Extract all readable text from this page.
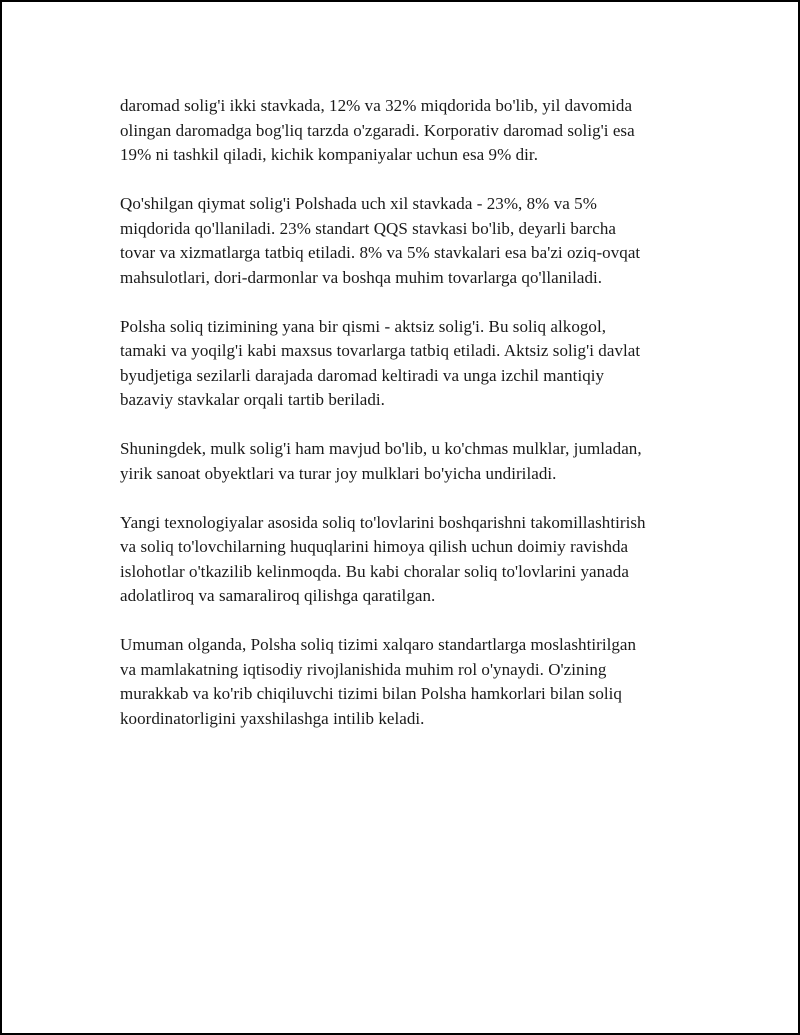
daromad solig'i ikki stavkada, 12% va 32% miqdorida bo'lib, yil davomida
olingan daromadga bog'liq tarzda o'zgaradi. Korporativ daromad solig'i esa
19% ni tashkil qiladi, kichik kompaniyalar uchun esa 9% dir.

Qo'shilgan qiymat solig'i Polshada uch xil stavkada - 23%, 8% va 5%
miqdorida qo'llaniladi. 23% standart QQS stavkasi bo'lib, deyarli barcha
tovar va xizmatlarga tatbiq etiladi. 8% va 5% stavkalari esa ba'zi oziq-ovqat
mahsulotlari, dori-darmonlar va boshqa muhim tovarlarga qo'llaniladi.

Polsha soliq tizimining yana bir qismi - aktsiz solig'i. Bu soliq alkogol,
tamaki va yoqilg'i kabi maxsus tovarlarga tatbiq etiladi. Aktsiz solig'i davlat
byudjetiga sezilarli darajada daromad keltiradi va unga izchil mantiqiy
bazaviy stavkalar orqali tartib beriladi.

Shuningdek, mulk solig'i ham mavjud bo'lib, u ko'chmas mulklar, jumladan,
yirik sanoat obyektlari va turar joy mulklari bo'yicha undiriladi.

Yangi texnologiyalar asosida soliq to'lovlarini boshqarishni takomillashtirish
va soliq to'lovchilarning huquqlarini himoya qilish uchun doimiy ravishda
islohotlar o'tkazilib kelinmoqda. Bu kabi choralar soliq to'lovlarini yanada
adolatliroq va samaraliroq qilishga qaratilgan.

Umuman olganda, Polsha soliq tizimi xalqaro standartlarga moslashtirilgan
va mamlakatning iqtisodiy rivojlanishida muhim rol o'ynaydi. O'zining
murakkab va ko'rib chiqiluvchi tizimi bilan Polsha hamkorlari bilan soliq
koordinatorligini yaxshilashga intilib keladi.
